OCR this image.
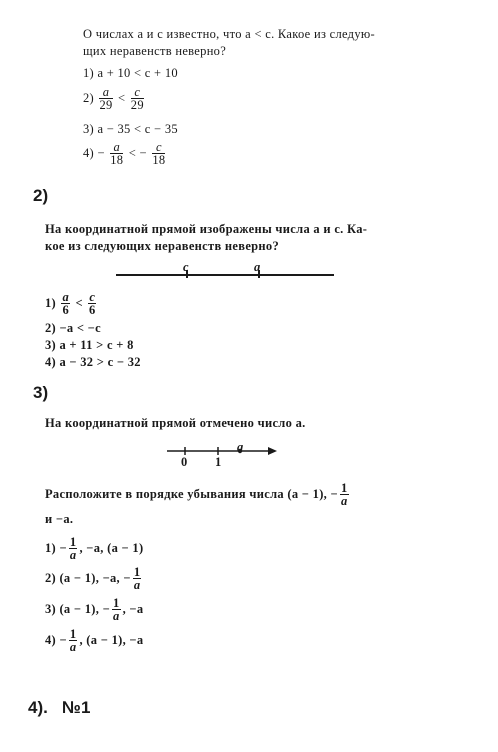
О числах a и c известно, что a < c. Какое из следую-
щих неравенств неверно?
1) a + 10 < c + 10
$2) \frac{a}{29} < \frac{c}{29}$
3) a − 35 < c − 35
$4) - \frac{a}{18}$ < − $\frac{c}{18}$
2)
На координатной прямой изображены числа a и c. Ка-
кое из следующих неравенств неверно?
c	a
$1) \frac{a}{6} < \frac{c}{6}$
2) −a < −c
3) a + 11 > c + 8
4) a − 32 > c − 32
3)
На координатной прямой отмечено число a.
a
0 1
Расположите в порядке убывания числа (a − 1), − $\frac{1}{a}$
и −a.
$1) - \frac{1}{a}$ , −a, (a − 1)
2) (a − 1), −a, − $\frac{1}{a}$
3) (a − 1), − $\frac{1}{a}$ , −a
$4) - \frac{1}{a}$ , (a − 1), −a
4).   №1
